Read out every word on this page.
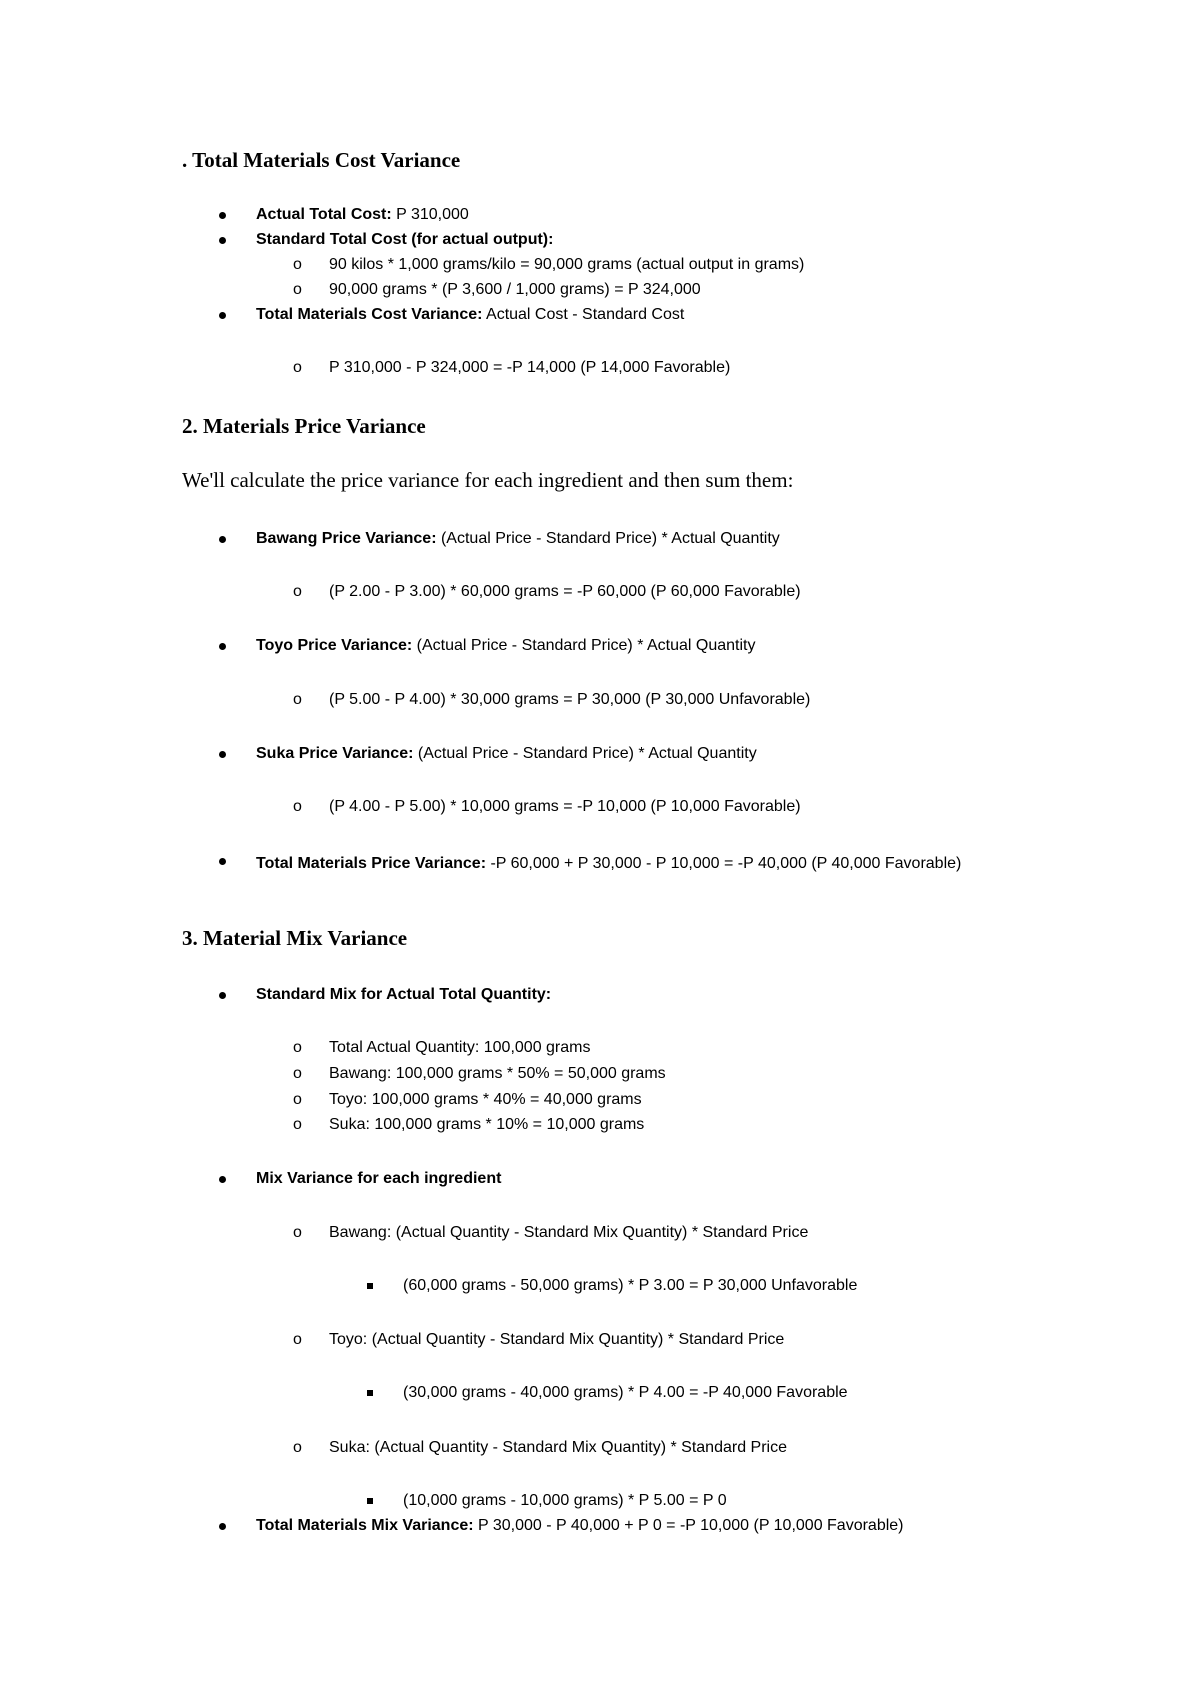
. Total Materials Cost Variance
Actual Total Cost: P 310,000
Standard Total Cost (for actual output):
o 90 kilos * 1,000 grams/kilo = 90,000 grams (actual output in grams)
o 90,000 grams * (P 3,600 / 1,000 grams) = P 324,000
Total Materials Cost Variance: Actual Cost - Standard Cost
o P 310,000 - P 324,000 = -P 14,000 (P 14,000 Favorable)
2. Materials Price Variance
We'll calculate the price variance for each ingredient and then sum them:
Bawang Price Variance: (Actual Price - Standard Price) * Actual Quantity
o (P 2.00 - P 3.00) * 60,000 grams = -P 60,000 (P 60,000 Favorable)
Toyo Price Variance: (Actual Price - Standard Price) * Actual Quantity
o (P 5.00 - P 4.00) * 30,000 grams = P 30,000 (P 30,000 Unfavorable)
Suka Price Variance: (Actual Price - Standard Price) * Actual Quantity
o (P 4.00 - P 5.00) * 10,000 grams = -P 10,000 (P 10,000 Favorable)
Total Materials Price Variance: -P 60,000 + P 30,000 - P 10,000 = -P 40,000 (P 40,000 Favorable)
3. Material Mix Variance
Standard Mix for Actual Total Quantity:
o Total Actual Quantity: 100,000 grams
o Bawang: 100,000 grams * 50% = 50,000 grams
o Toyo: 100,000 grams * 40% = 40,000 grams
o Suka: 100,000 grams * 10% = 10,000 grams
Mix Variance for each ingredient
o Bawang: (Actual Quantity - Standard Mix Quantity) * Standard Price
(60,000 grams - 50,000 grams) * P 3.00 = P 30,000 Unfavorable
o Toyo: (Actual Quantity - Standard Mix Quantity) * Standard Price
(30,000 grams - 40,000 grams) * P 4.00 = -P 40,000 Favorable
o Suka: (Actual Quantity - Standard Mix Quantity) * Standard Price
(10,000 grams - 10,000 grams) * P 5.00 = P 0
Total Materials Mix Variance: P 30,000 - P 40,000 + P 0 = -P 10,000 (P 10,000 Favorable)
